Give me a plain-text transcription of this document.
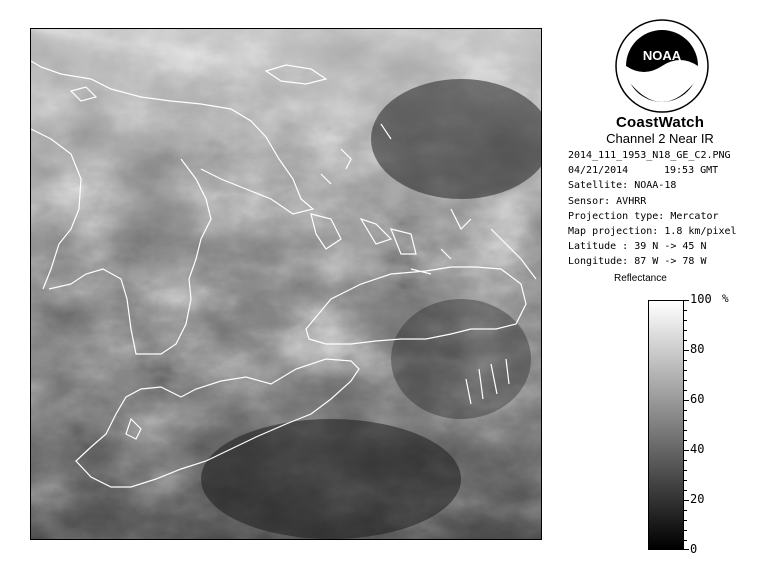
NOAA
CoastWatch
Channel 2 Near IR
2014_111_1953_N18_GE_C2.PNG
04/21/2014	19:53 GMT
Satellite: NOAA-18
Sensor: AVHRR
Projection type: Mercator
Map projection: 1.8 km/pixel
Latitude : 39 N -> 45 N
Longitude: 87 W -> 78 W
Reflectance
%
100
80
60
40
20
0
